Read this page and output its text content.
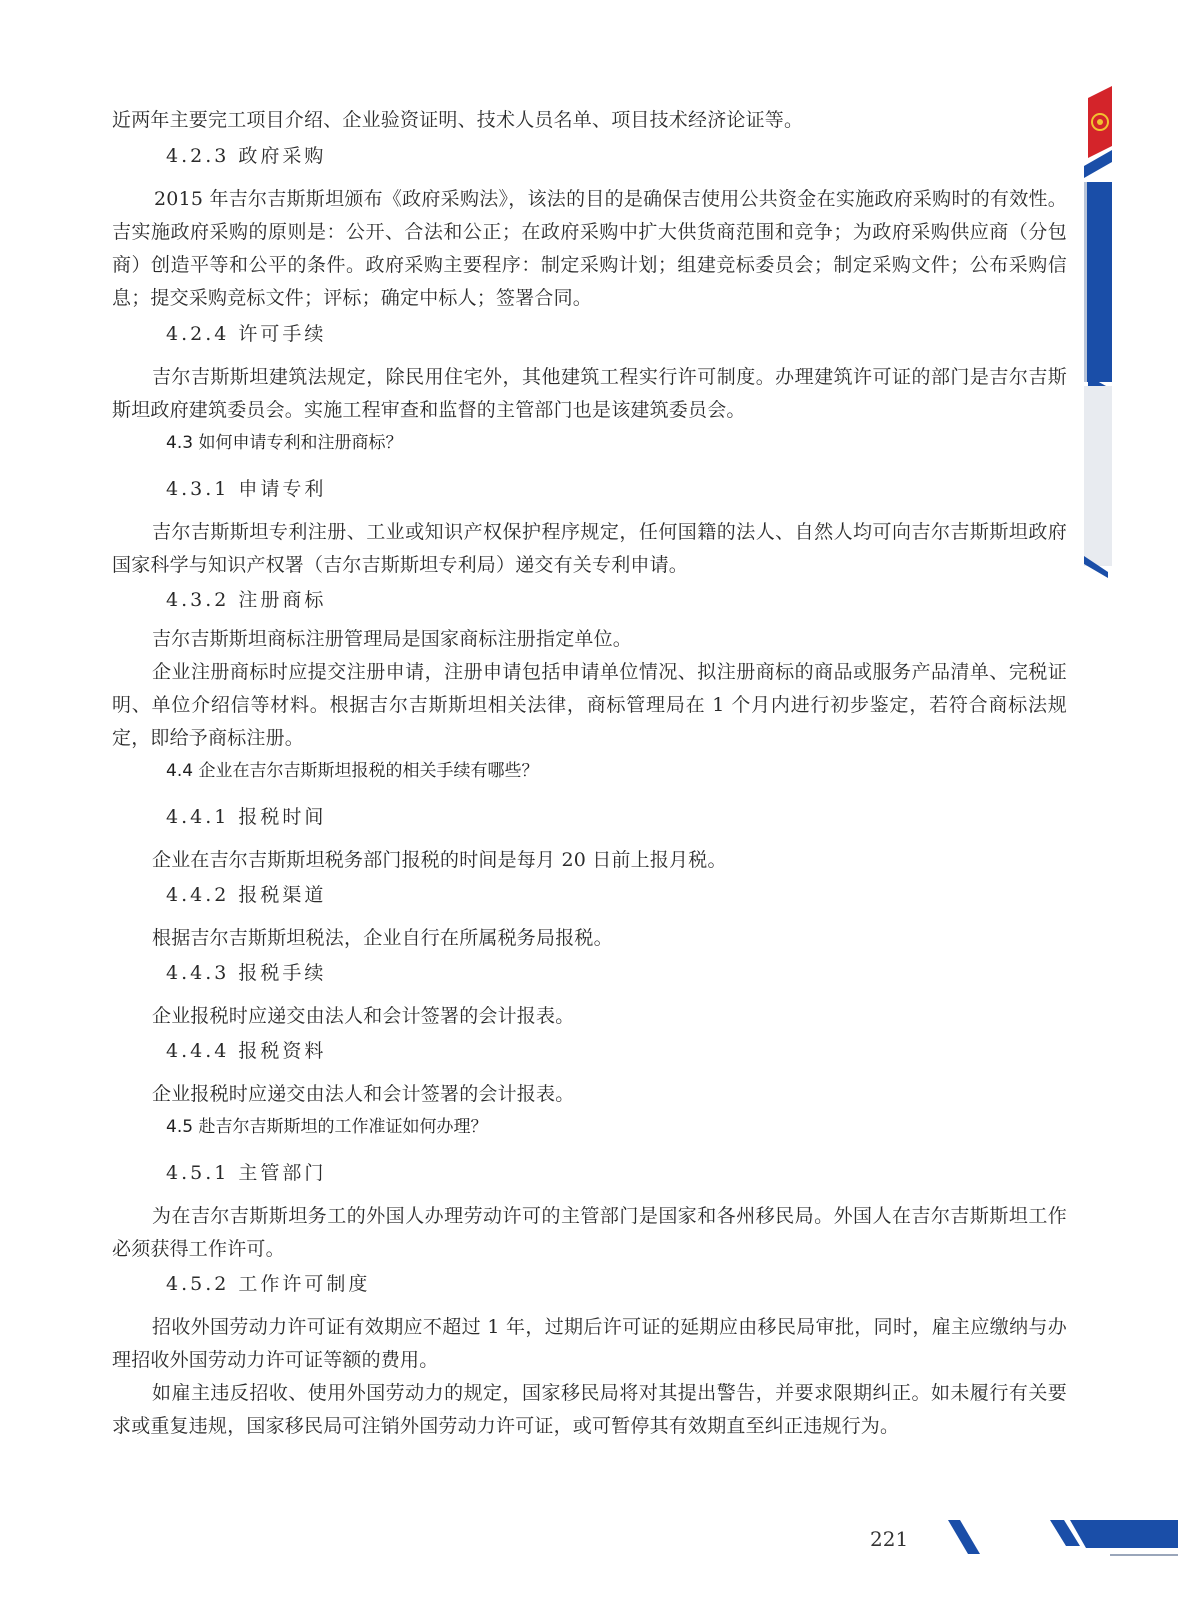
近两年主要完工项目介绍、企业验资证明、技术人员名单、项目技术经济论证等。
4.2.3 政府采购
2015 年吉尔吉斯斯坦颁布《政府采购法》，该法的目的是确保吉使用公共资金在实施政府采购时的有效性。吉实施政府采购的原则是：公开、合法和公正；在政府采购中扩大供货商范围和竞争；为政府采购供应商（分包商）创造平等和公平的条件。政府采购主要程序：制定采购计划；组建竞标委员会；制定采购文件；公布采购信息；提交采购竞标文件；评标；确定中标人；签署合同。
4.2.4 许可手续
吉尔吉斯斯坦建筑法规定，除民用住宅外，其他建筑工程实行许可制度。办理建筑许可证的部门是吉尔吉斯斯坦政府建筑委员会。实施工程审查和监督的主管部门也是该建筑委员会。
4.3 如何申请专利和注册商标？
4.3.1 申请专利
吉尔吉斯斯坦专利注册、工业或知识产权保护程序规定，任何国籍的法人、自然人均可向吉尔吉斯斯坦政府国家科学与知识产权署（吉尔吉斯斯坦专利局）递交有关专利申请。
4.3.2 注册商标
吉尔吉斯斯坦商标注册管理局是国家商标注册指定单位。
企业注册商标时应提交注册申请，注册申请包括申请单位情况、拟注册商标的商品或服务产品清单、完税证明、单位介绍信等材料。根据吉尔吉斯斯坦相关法律，商标管理局在 1 个月内进行初步鉴定，若符合商标法规定，即给予商标注册。
4.4 企业在吉尔吉斯斯坦报税的相关手续有哪些？
4.4.1 报税时间
企业在吉尔吉斯斯坦税务部门报税的时间是每月 20 日前上报月税。
4.4.2 报税渠道
根据吉尔吉斯斯坦税法，企业自行在所属税务局报税。
4.4.3 报税手续
企业报税时应递交由法人和会计签署的会计报表。
4.4.4 报税资料
企业报税时应递交由法人和会计签署的会计报表。
4.5 赴吉尔吉斯斯坦的工作准证如何办理？
4.5.1 主管部门
为在吉尔吉斯斯坦务工的外国人办理劳动许可的主管部门是国家和各州移民局。外国人在吉尔吉斯斯坦工作必须获得工作许可。
4.5.2 工作许可制度
招收外国劳动力许可证有效期应不超过 1 年，过期后许可证的延期应由移民局审批，同时，雇主应缴纳与办理招收外国劳动力许可证等额的费用。
如雇主违反招收、使用外国劳动力的规定，国家移民局将对其提出警告，并要求限期纠正。如未履行有关要求或重复违规，国家移民局可注销外国劳动力许可证，或可暂停其有效期直至纠正违规行为。
221
